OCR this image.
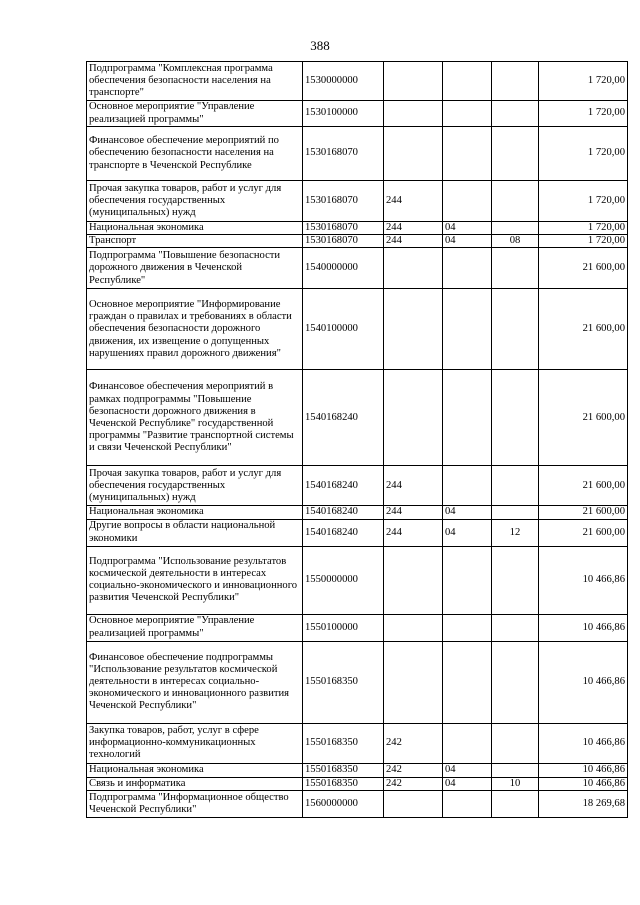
388
Подпрограмма "Комплексная программа обеспечения безопасности населения на транспорте"	1530000000				1 720,00
Основное мероприятие "Управление реализацией программы"	1530100000				1 720,00
Финансовое обеспечение мероприятий по обеспечению безопасности населения на транспорте в Чеченской Республике	1530168070				1 720,00
Прочая закупка товаров, работ и услуг для обеспечения государственных (муниципальных) нужд	1530168070	244			1 720,00
Национальная экономика	1530168070	244	04		1 720,00
Транспорт	1530168070	244	04	08	1 720,00
Подпрограмма "Повышение безопасности дорожного движения в Чеченской Республике"	1540000000				21 600,00
Основное мероприятие "Информирование граждан о правилах и требованиях в области обеспечения безопасности дорожного движения, их извещение о допущенных нарушениях правил дорожного движения"	1540100000				21 600,00
Финансовое обеспечения мероприятий в рамках подпрограммы "Повышение безопасности дорожного движения в Чеченской Республике" государственной программы "Развитие транспортной системы и связи Чеченской Республики"	1540168240				21 600,00
Прочая закупка товаров, работ и услуг для обеспечения государственных (муниципальных) нужд	1540168240	244			21 600,00
Национальная экономика	1540168240	244	04		21 600,00
Другие вопросы в области национальной экономики	1540168240	244	04	12	21 600,00
Подпрограмма "Использование результатов космической деятельности в интересах социально-экономического и инновационного развития Чеченской Республики"	1550000000				10 466,86
Основное мероприятие "Управление реализацией программы"	1550100000				10 466,86
Финансовое обеспечение подпрограммы "Использование результатов космической деятельности в интересах социально-экономического и инновационного развития Чеченской Республики"	1550168350				10 466,86
Закупка товаров, работ, услуг в сфере информационно-коммуникационных технологий	1550168350	242			10 466,86
Национальная экономика	1550168350	242	04		10 466,86
Связь и информатика	1550168350	242	04	10	10 466,86
Подпрограмма "Информационное общество Чеченской Республики"	1560000000				18 269,68
